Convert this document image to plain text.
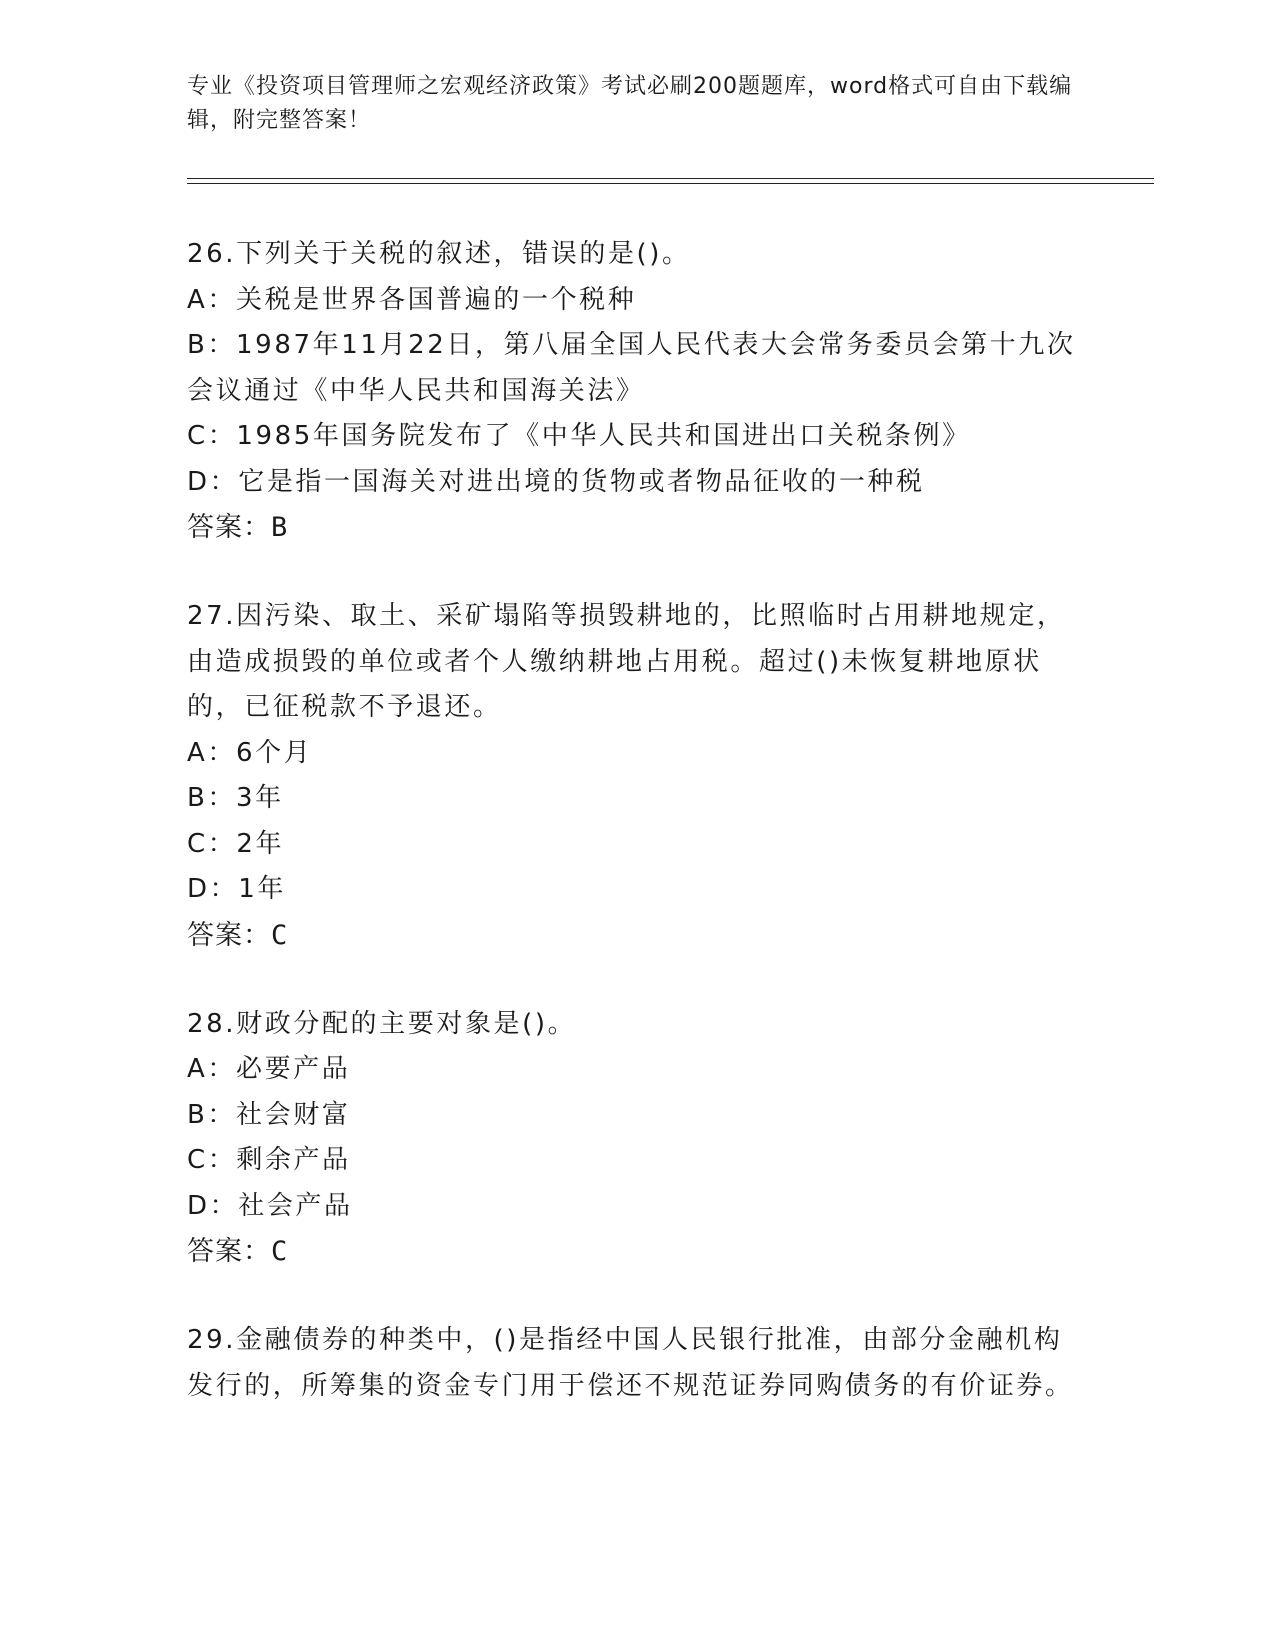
专业《投资项目管理师之宏观经济政策》考试必刷200题题库，word格式可自由下载编辑，附完整答案！
26.下列关于关税的叙述，错误的是()。
A：关税是世界各国普遍的一个税种
B：1987年11月22日，第八届全国人民代表大会常务委员会第十九次会议通过《中华人民共和国海关法》
C：1985年国务院发布了《中华人民共和国进出口关税条例》
D：它是指一国海关对进出境的货物或者物品征收的一种税
答案：B
27.因污染、取土、采矿塌陷等损毁耕地的，比照临时占用耕地规定，由造成损毁的单位或者个人缴纳耕地占用税。超过()未恢复耕地原状的，已征税款不予退还。
A：6个月
B：3年
C：2年
D：1年
答案：C
28.财政分配的主要对象是()。
A：必要产品
B：社会财富
C：剩余产品
D：社会产品
答案：C
29.金融债券的种类中，()是指经中国人民银行批准，由部分金融机构发行的，所筹集的资金专门用于偿还不规范证券同购债务的有价证券。
